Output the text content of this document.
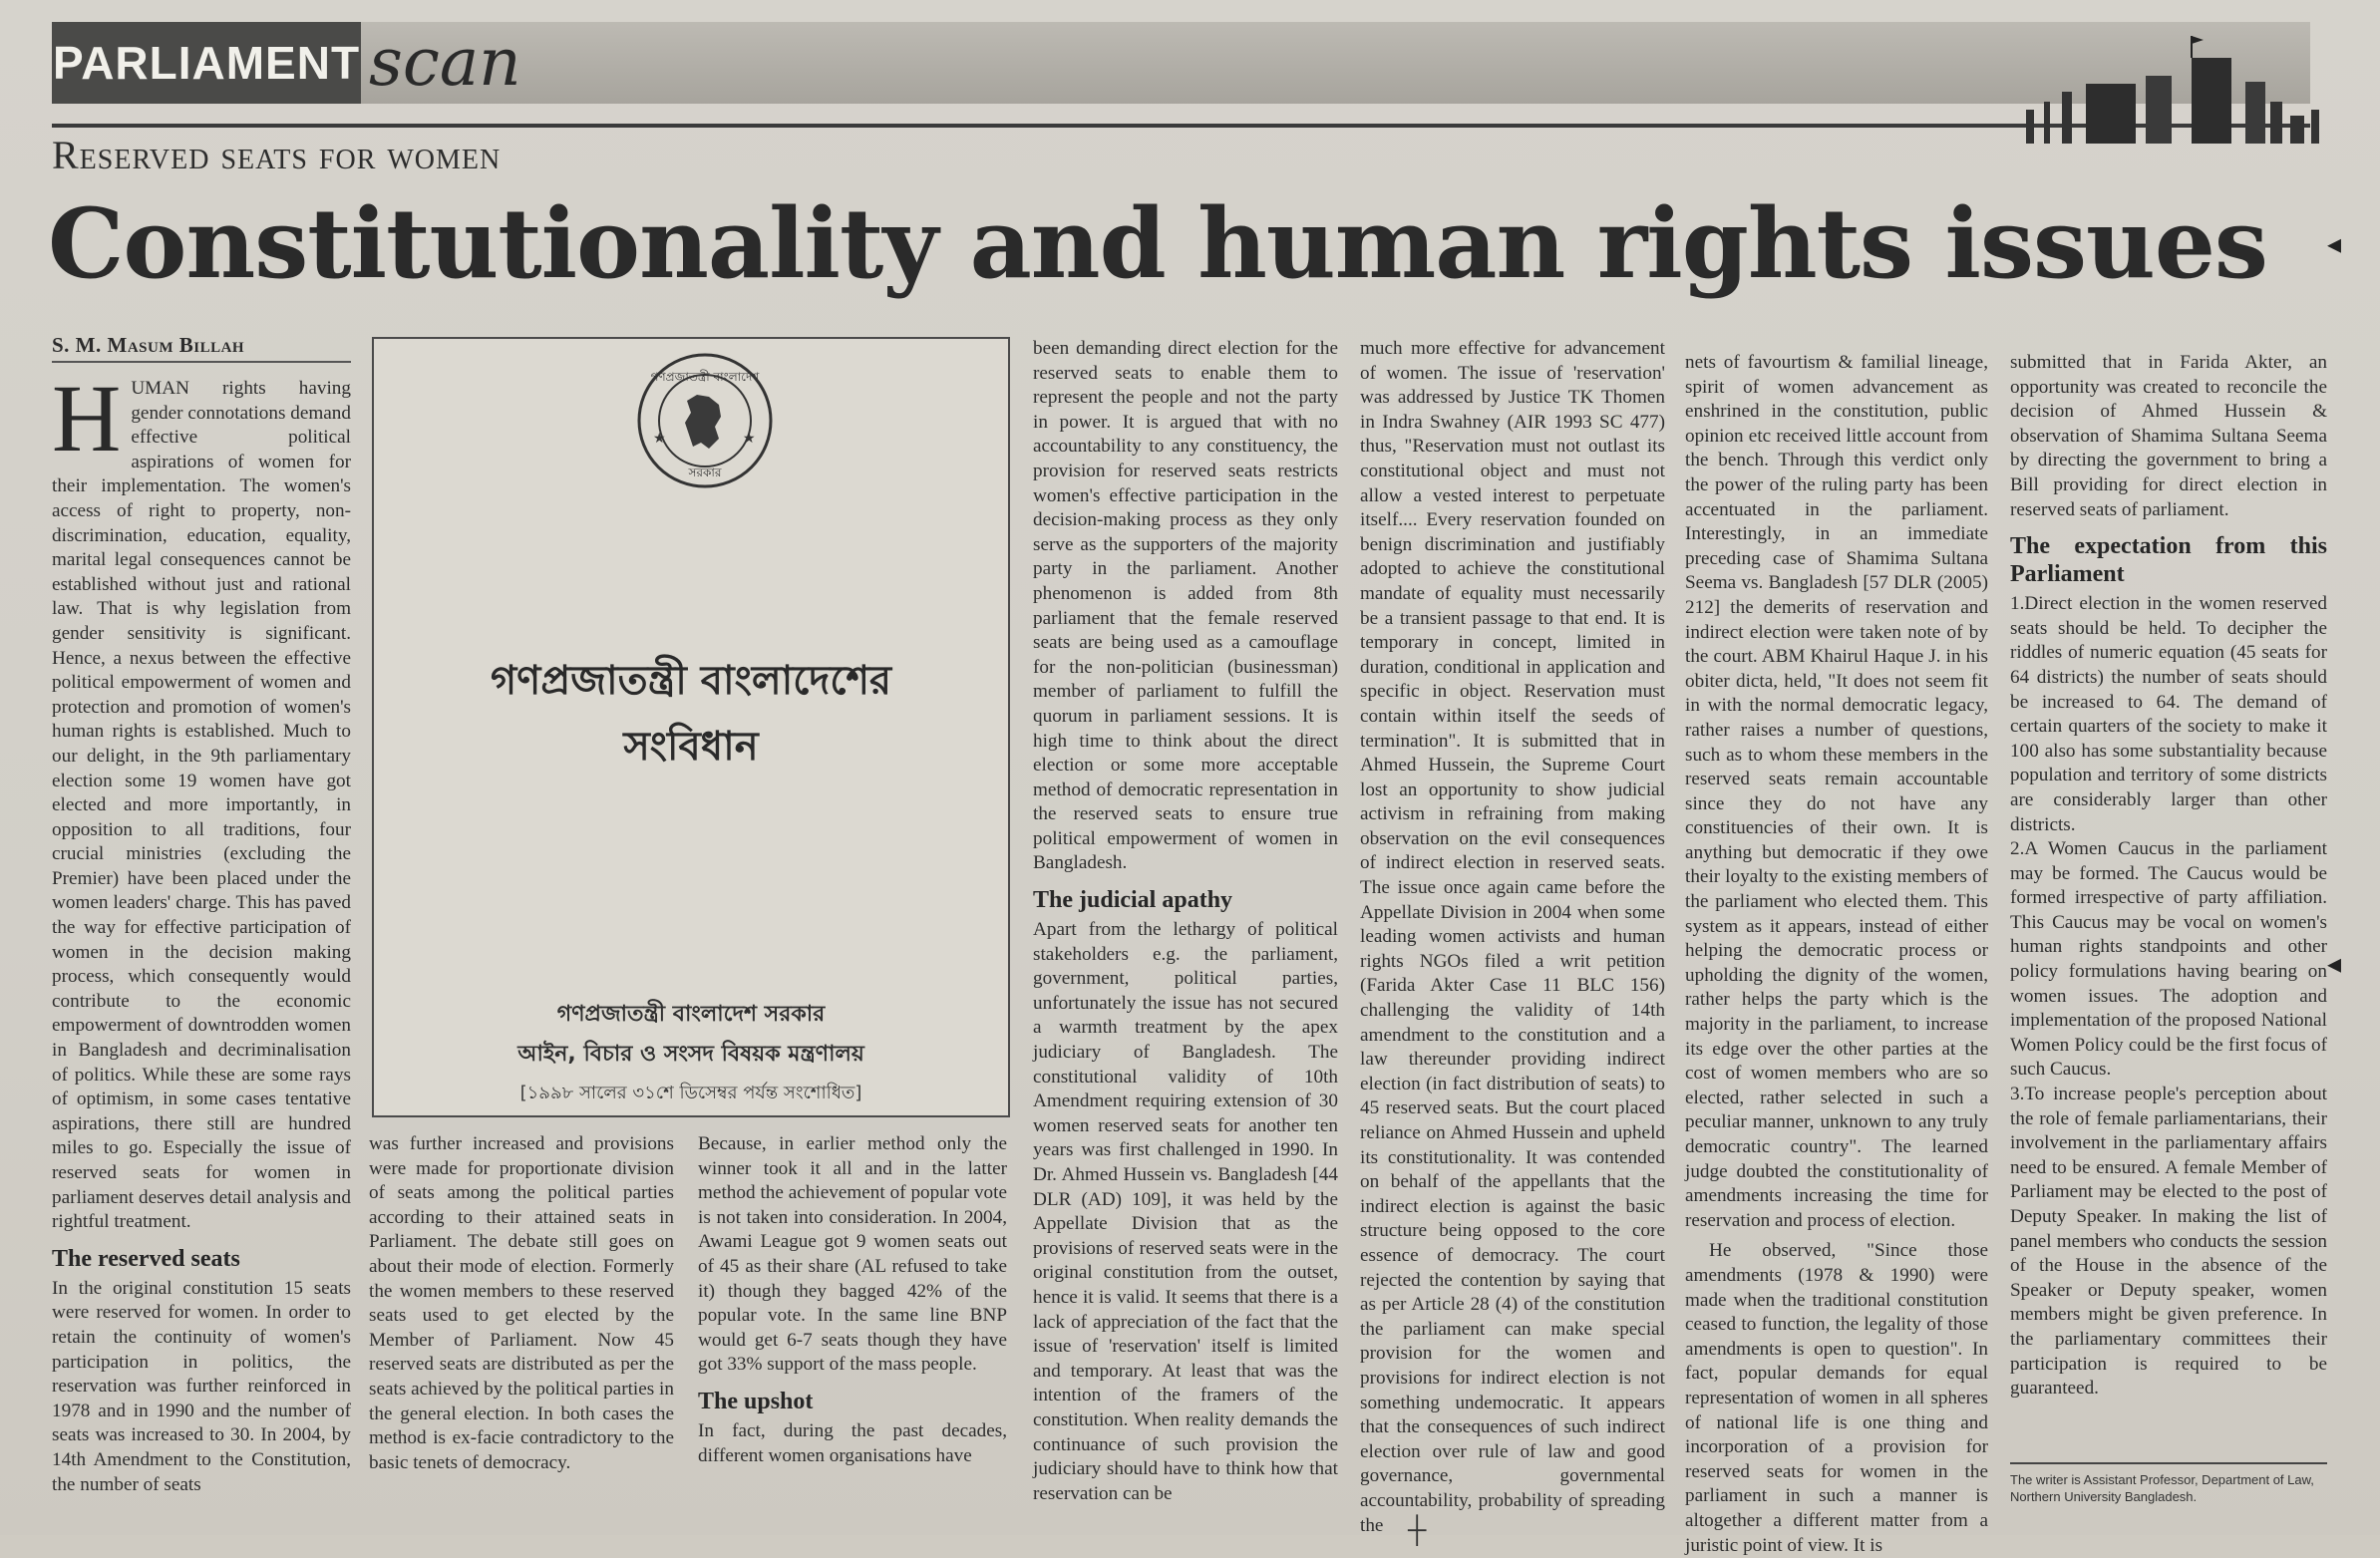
PARLIAMENT scan
Reserved seats for women
Constitutionality and human rights issues
S. M. Masum Billah
H UMAN rights having gender connotations demand effective political aspirations of women for their implementation. The women's access of right to property, non-discrimination, education, equality, marital legal consequences cannot be established without just and rational law. That is why legislation from gender sensitivity is significant. Hence, a nexus between the effective political empowerment of women and protection and promotion of women's human rights is established. Much to our delight, in the 9th parliamentary election some 19 women have got elected and more importantly, in opposition to all traditions, four crucial ministries (excluding the Premier) have been placed under the women leaders' charge. This has paved the way for effective participation of women in the decision making process, which consequently would contribute to the economic empowerment of downtrodden women in Bangladesh and decriminalisation of politics. While these are some rays of optimism, in some cases tentative aspirations, there still are hundred miles to go. Especially the issue of reserved seats for women in parliament deserves detail analysis and rightful treatment.

The reserved seats

In the original constitution 15 seats were reserved for women. In order to retain the continuity of women's participation in politics, the reservation was further reinforced in 1978 and in 1990 and the number of seats was increased to 30. In 2004, by 14th Amendment to the Constitution, the number of seats

★	★
গণপ্রজাতন্ত্রী বাংলাদেশ
সরকার
গণপ্রজাতন্ত্রী বাংলাদেশের
সংবিধান
গণপ্রজাতন্ত্রী বাংলাদেশ সরকার
আইন, বিচার ও সংসদ বিষয়ক মন্ত্রণালয়
[১৯৯৮ সালের ৩১শে ডিসেম্বর পর্যন্ত সংশোধিত]

was further increased and provisions were made for proportionate division of seats among the political parties according to their attained seats in Parliament. The debate still goes on about their mode of election. Formerly the women members to these reserved seats used to get elected by the Member of Parliament. Now 45 reserved seats are distributed as per the seats achieved by the political parties in the general election. In both cases the method is ex-facie contradictory to the basic tenets of democracy.

Because, in earlier method only the winner took it all and in the latter method the achievement of popular vote is not taken into consideration. In 2004, Awami League got 9 women seats out of 45 as their share (AL refused to take it) though they bagged 42% of the popular vote. In the same line BNP would get 6-7 seats though they have got 33% support of the mass people.

The upshot

In fact, during the past decades, different women organisations have

been demanding direct election for the reserved seats to enable them to represent the people and not the party in power. It is argued that with no accountability to any constituency, the provision for reserved seats restricts women's effective participation in the decision-making process as they only serve as the supporters of the majority party in the parliament. Another phenomenon is added from 8th parliament that the female reserved seats are being used as a camouflage for the non-politician (businessman) member of parliament to fulfill the quorum in parliament sessions. It is high time to think about the direct election or some more acceptable method of democratic representation in the reserved seats to ensure true political empowerment of women in Bangladesh.

The judicial apathy

Apart from the lethargy of political stakeholders e.g. the parliament, government, political parties, unfortunately the issue has not secured a warmth treatment by the apex judiciary of Bangladesh. The constitutional validity of 10th Amendment requiring extension of 30 women reserved seats for another ten years was first challenged in 1990. In Dr. Ahmed Hussein vs. Bangladesh [44 DLR (AD) 109], it was held by the Appellate Division that as the provisions of reserved seats were in the original constitution from the outset, hence it is valid. It seems that there is a lack of appreciation of the fact that the issue of 'reservation' itself is limited and temporary. At least that was the intention of the framers of the constitution. When reality demands the continuance of such provision the judiciary should have to think how that reservation can be

much more effective for advancement of women. The issue of 'reservation' was addressed by Justice TK Thomen in Indra Swahney (AIR 1993 SC 477) thus, "Reservation must not outlast its constitutional object and must not allow a vested interest to perpetuate itself.... Every reservation founded on benign discrimination and justifiably adopted to achieve the constitutional mandate of equality must necessarily be a transient passage to that end. It is temporary in concept, limited in duration, conditional in application and specific in object. Reservation must contain within itself the seeds of termination". It is submitted that in Ahmed Hussein, the Supreme Court lost an opportunity to show judicial activism in refraining from making observation on the evil consequences of indirect election in reserved seats. The issue once again came before the Appellate Division in 2004 when some leading women activists and human rights NGOs filed a writ petition (Farida Akter Case 11 BLC 156) challenging the validity of 14th amendment to the constitution and a law thereunder providing indirect election (in fact distribution of seats) to 45 reserved seats. But the court placed reliance on Ahmed Hussein and upheld its constitutionality. It was contended on behalf of the appellants that the indirect election is against the basic structure being opposed to the core essence of democracy. The court rejected the contention by saying that as per Article 28 (4) of the constitution the parliament can make special provision for the women and provisions for indirect election is not something undemocratic. It appears that the consequences of such indirect election over rule of law and good governance, governmental accountability, probability of spreading the

nets of favourtism & familial lineage, spirit of women advancement as enshrined in the constitution, public opinion etc received little account from the bench. Through this verdict only the power of the ruling party has been accentuated in the parliament. Interestingly, in an immediate preceding case of Shamima Sultana Seema vs. Bangladesh [57 DLR (2005) 212] the demerits of reservation and indirect election were taken note of by the court. ABM Khairul Haque J. in his obiter dicta, held, "It does not seem fit in with the normal democratic legacy, rather raises a number of questions, such as to whom these members in the reserved seats remain accountable since they do not have any constituencies of their own. It is anything but democratic if they owe their loyalty to the existing members of the parliament who elected them. This system as it appears, instead of either helping the democratic process or upholding the dignity of the women, rather helps the party which is the majority in the parliament, to increase its edge over the other parties at the cost of women members who are so elected, rather selected in such a peculiar manner, unknown to any truly democratic country". The learned judge doubted the constitutionality of amendments increasing the time for reservation and process of election.

He observed, "Since those amendments (1978 & 1990) were made when the traditional constitution ceased to function, the legality of those amendments is open to question". In fact, popular demands for equal representation of women in all spheres of national life is one thing and incorporation of a provision for reserved seats for women in the parliament in such a manner is altogether a different matter from a juristic point of view. It is

submitted that in Farida Akter, an opportunity was created to reconcile the decision of Ahmed Hussein & observation of Shamima Sultana Seema by directing the government to bring a Bill providing for direct election in reserved seats of parliament.

The expectation from this Parliament

1.Direct election in the women reserved seats should be held. To decipher the riddles of numeric equation (45 seats for 64 districts) the number of seats should be increased to 64. The demand of certain quarters of the society to make it 100 also has some substantiality because population and territory of some districts are considerably larger than other districts.

2.A Women Caucus in the parliament may be formed. The Caucus would be formed irrespective of party affiliation. This Caucus may be vocal on women's human rights standpoints and other policy formulations having bearing on women issues. The adoption and implementation of the proposed National Women Policy could be the first focus of such Caucus.

3.To increase people's perception about the role of female parliamentarians, their involvement in the parliamentary affairs need to be ensured. A female Member of Parliament may be elected to the post of Deputy Speaker. In making the list of panel members who conducts the session of the House in the absence of the Speaker or Deputy speaker, women members might be given preference. In the parliamentary committees their participation is required to be guaranteed.

The writer is Assistant Professor, Department of Law, Northern University Bangladesh.
┼
◂
◂
